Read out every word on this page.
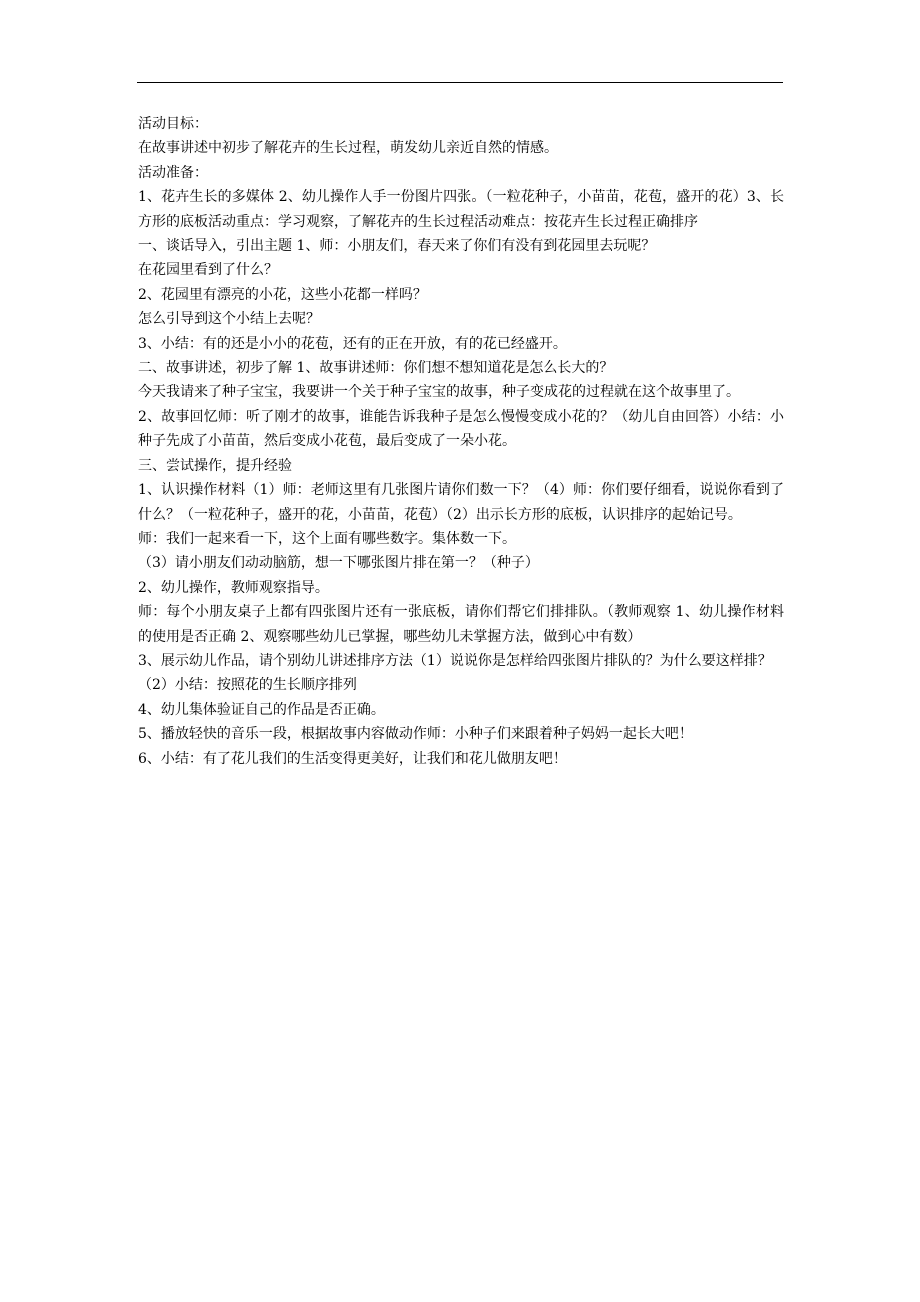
活动目标：

在故事讲述中初步了解花卉的生长过程，萌发幼儿亲近自然的情感。

活动准备：

1、花卉生长的多媒体 2、幼儿操作人手一份图片四张。（一粒花种子，小苗苗，花苞，盛开的花）3、长方形的底板活动重点：学习观察，了解花卉的生长过程活动难点：按花卉生长过程正确排序

一、谈话导入，引出主题 1、师：小朋友们，春天来了你们有没有到花园里去玩呢？

在花园里看到了什么？

2、花园里有漂亮的小花，这些小花都一样吗？

怎么引导到这个小结上去呢？

3、小结：有的还是小小的花苞，还有的正在开放，有的花已经盛开。

二、故事讲述，初步了解 1、故事讲述师：你们想不想知道花是怎么长大的？

今天我请来了种子宝宝，我要讲一个关于种子宝宝的故事，种子变成花的过程就在这个故事里了。

2、故事回忆师：听了刚才的故事，谁能告诉我种子是怎么慢慢变成小花的？（幼儿自由回答）小结：小种子先成了小苗苗，然后变成小花苞，最后变成了一朵小花。

三、尝试操作，提升经验

1、认识操作材料（1）师：老师这里有几张图片请你们数一下？（4）师：你们要仔细看，说说你看到了什么？（一粒花种子，盛开的花，小苗苗，花苞）（2）出示长方形的底板，认识排序的起始记号。

师：我们一起来看一下，这个上面有哪些数字。集体数一下。

（3）请小朋友们动动脑筋，想一下哪张图片排在第一？（种子）

2、幼儿操作，教师观察指导。

师：每个小朋友桌子上都有四张图片还有一张底板，请你们帮它们排排队。（教师观察 1、幼儿操作材料的使用是否正确 2、观察哪些幼儿已掌握，哪些幼儿未掌握方法，做到心中有数）

3、展示幼儿作品，请个别幼儿讲述排序方法（1）说说你是怎样给四张图片排队的？为什么要这样排？

（2）小结：按照花的生长顺序排列

4、幼儿集体验证自己的作品是否正确。

5、播放轻快的音乐一段，根据故事内容做动作师：小种子们来跟着种子妈妈一起长大吧！

6、小结：有了花儿我们的生活变得更美好，让我们和花儿做朋友吧！
